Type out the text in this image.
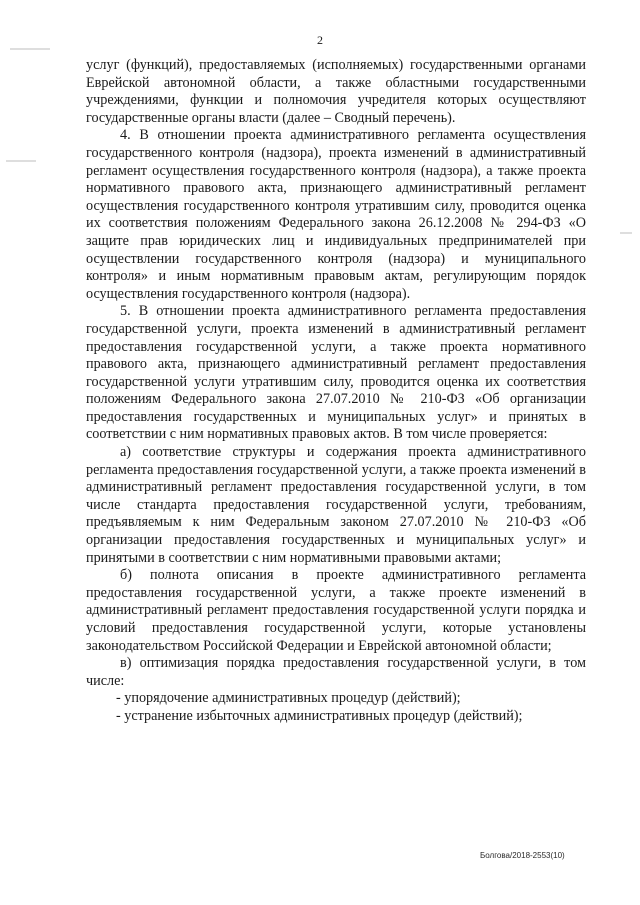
2

услуг (функций), предоставляемых (исполняемых) государственными органами Еврейской автономной области, а также областными государственными учреждениями, функции и полномочия учредителя которых осуществляют государственные органы власти (далее – Сводный перечень).

4. В отношении проекта административного регламента осуществления государственного контроля (надзора), проекта изменений в административный регламент осуществления государственного контроля (надзора), а также проекта нормативного правового акта, признающего административный регламент осуществления государственного контроля утратившим силу, проводится оценка их соответствия положениям Федерального закона 26.12.2008 № 294-ФЗ «О защите прав юридических лиц и индивидуальных предпринимателей при осуществлении государственного контроля (надзора) и муниципального контроля» и иным нормативным правовым актам, регулирующим порядок осуществления государственного контроля (надзора).

5. В отношении проекта административного регламента предоставления государственной услуги, проекта изменений в административный регламент предоставления государственной услуги, а также проекта нормативного правового акта, признающего административный регламент предоставления государственной услуги утратившим силу, проводится оценка их соответствия положениям Федерального закона 27.07.2010 № 210-ФЗ «Об организации предоставления государственных и муниципальных услуг» и принятых в соответствии с ним нормативных правовых актов. В том числе проверяется:

а) соответствие структуры и содержания проекта административного регламента предоставления государственной услуги, а также проекта изменений в административный регламент предоставления государственной услуги, в том числе стандарта предоставления государственной услуги, требованиям, предъявляемым к ним Федеральным законом 27.07.2010 № 210-ФЗ «Об организации предоставления государственных и муниципальных услуг» и принятыми в соответствии с ним нормативными правовыми актами;

б) полнота описания в проекте административного регламента предоставления государственной услуги, а также проекте изменений в административный регламент предоставления государственной услуги порядка и условий предоставления государственной услуги, которые установлены законодательством Российской Федерации и Еврейской автономной области;

в) оптимизация порядка предоставления государственной услуги, в том числе:

- упорядочение административных процедур (действий);

- устранение избыточных административных процедур (действий);

Болгова/2018-2553(10)
